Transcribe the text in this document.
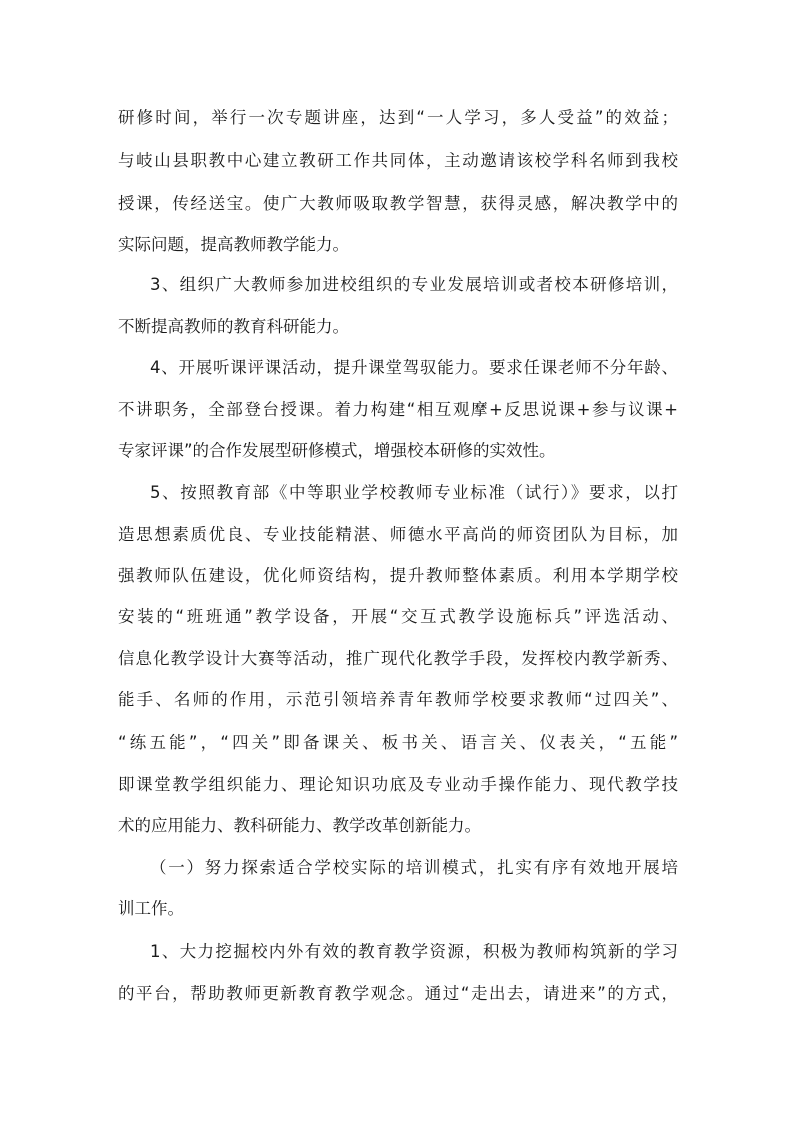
研修时间，举行一次专题讲座，达到“一人学习，多人受益”的效益；
与岐山县职教中心建立教研工作共同体，主动邀请该校学科名师到我校
授课，传经送宝。使广大教师吸取教学智慧，获得灵感，解决教学中的
实际问题，提高教师教学能力。
3、组织广大教师参加进校组织的专业发展培训或者校本研修培训，
不断提高教师的教育科研能力。
4、开展听课评课活动，提升课堂驾驭能力。要求任课老师不分年龄、
不讲职务，全部登台授课。着力构建“相互观摩+反思说课+参与议课+
专家评课”的合作发展型研修模式，增强校本研修的实效性。
5、按照教育部《中等职业学校教师专业标准（试行）》要求，以打
造思想素质优良、专业技能精湛、师德水平高尚的师资团队为目标，加
强教师队伍建设，优化师资结构，提升教师整体素质。利用本学期学校
安装的“班班通”教学设备，开展“交互式教学设施标兵”评选活动、
信息化教学设计大赛等活动，推广现代化教学手段，发挥校内教学新秀、
能手、名师的作用，示范引领培养青年教师学校要求教师“过四关”、
“练五能”，“四关”即备课关、板书关、语言关、仪表关，“五能”
即课堂教学组织能力、理论知识功底及专业动手操作能力、现代教学技
术的应用能力、教科研能力、教学改革创新能力。
（一）努力探索适合学校实际的培训模式，扎实有序有效地开展培
训工作。
1、大力挖掘校内外有效的教育教学资源，积极为教师构筑新的学习
的平台，帮助教师更新教育教学观念。通过“走出去，请进来”的方式，
